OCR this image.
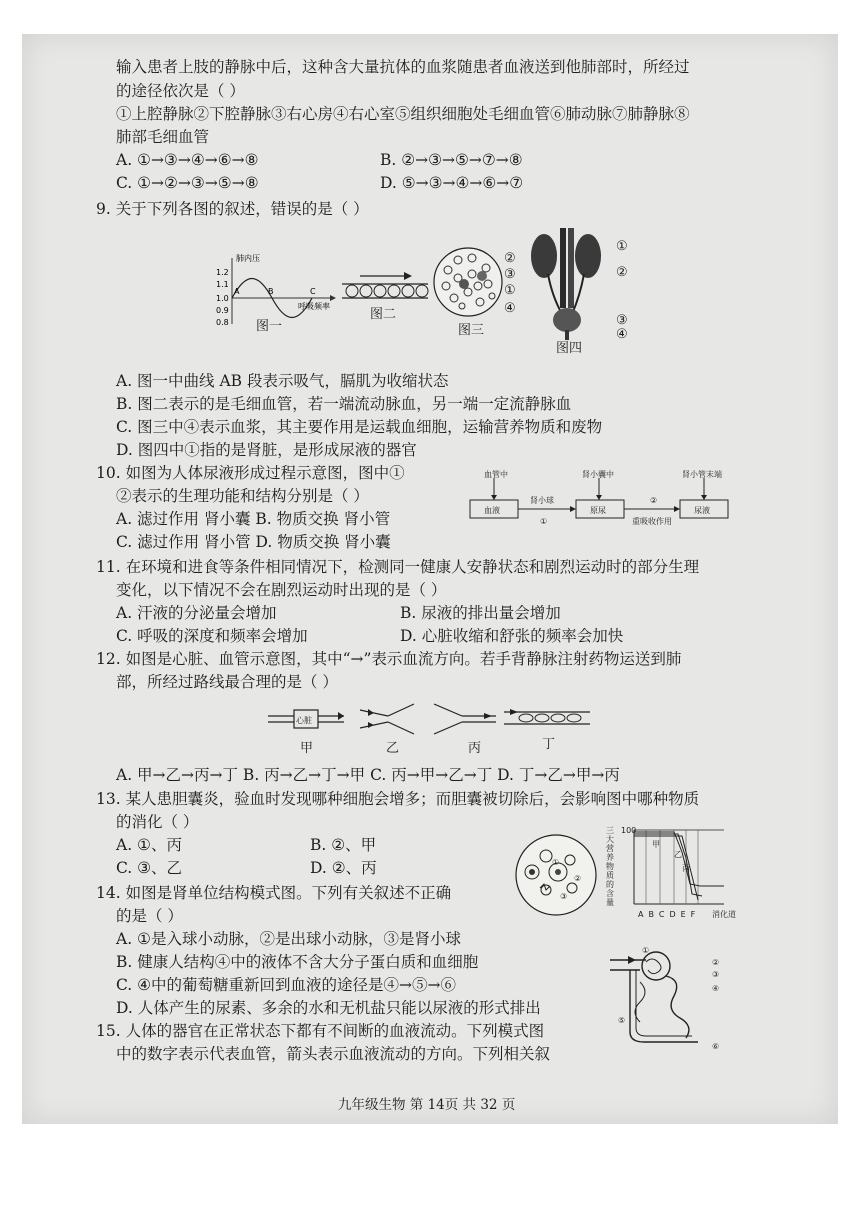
输入患者上肢的静脉中后，这种含大量抗体的血浆随患者血液送到他肺部时，所经过
的途径依次是（ ）
①上腔静脉②下腔静脉③右心房④右心室⑤组织细胞处毛细血管⑥肺动脉⑦肺静脉⑧
肺部毛细血管
A. ①→③→④→⑥→⑧	B. ②→③→⑤→⑦→⑧
C. ①→②→③→⑤→⑧	D. ⑤→③→④→⑥→⑦
9. 关于下列各图的叙述，错误的是（ ）
肺内压
1.2
1.1
1.0
0.9
0.8
A	B	C
呼吸频率
图一
图二
②
③
①
④
图三
①
②
③
④
图四
A. 图一中曲线 AB 段表示吸气，膈肌为收缩状态
B. 图二表示的是毛细血管，若一端流动脉血，另一端一定流静脉血
C. 图三中④表示血浆，其主要作用是运载血细胞，运输营养物质和废物
D. 图四中①指的是肾脏，是形成尿液的器官
10. 如图为人体尿液形成过程示意图，图中①
②表示的生理功能和结构分别是（ ）
A. 滤过作用 肾小囊 B. 物质交换 肾小管
C. 滤过作用 肾小管 D. 物质交换 肾小囊
血管中	肾小囊中	肾小管末端
血液	原尿	尿液
肾小球
①
②
重吸收作用
11. 在环境和进食等条件相同情况下，检测同一健康人安静状态和剧烈运动时的部分生理
变化，以下情况不会在剧烈运动时出现的是（ ）
A. 汗液的分泌量会增加	B. 尿液的排出量会增加
C. 呼吸的深度和频率会增加	D. 心脏收缩和舒张的频率会加快
12. 如图是心脏、血管示意图，其中“→”表示血流方向。若手背静脉注射药物运送到肺
部，所经过路线最合理的是（ ）
心脏
甲	乙	丙	丁
A. 甲→乙→丙→丁 B. 丙→乙→丁→甲 C. 丙→甲→乙→丁 D. 丁→乙→甲→丙
13. 某人患胆囊炎，验血时发现哪种细胞会增多；而胆囊被切除后，会影响图中哪种物质
的消化（ ）
A. ①、丙	B. ②、甲
C. ③、乙	D. ②、丙	①
②
③
100
甲
乙
丙
ABCDEF 消化道
三大营养物质的含量
14. 如图是肾单位结构模式图。下列有关叙述不正确
的是（ ）
A. ①是入球小动脉，②是出球小动脉，③是肾小球
B. 健康人结构④中的液体不含大分子蛋白质和血细胞
C. ④中的葡萄糖重新回到血液的途径是④→⑤→⑥
D. 人体产生的尿素、多余的水和无机盐只能以尿液的形式排出
①
②
③
④
⑤
⑥
15. 人体的器官在正常状态下都有不间断的血液流动。下列模式图
中的数字表示代表血管，箭头表示血液流动的方向。下列相关叙
九年级生物 第 14页 共 32 页
